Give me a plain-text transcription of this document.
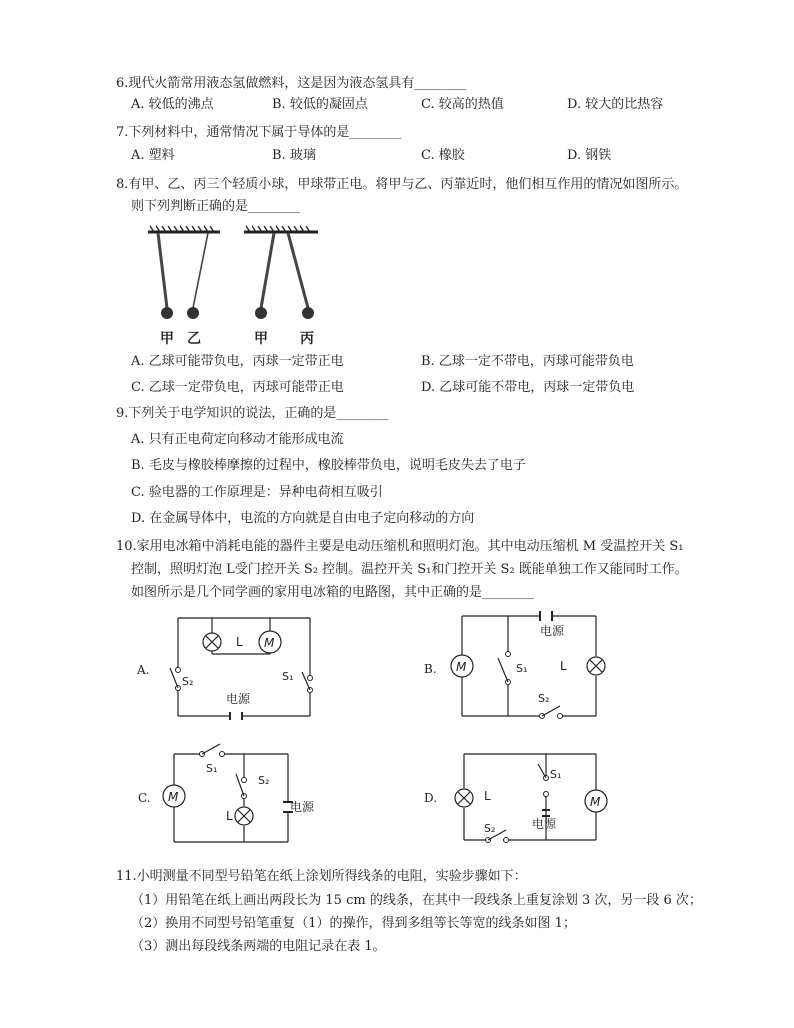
6.现代火箭常用液态氢做燃料，这是因为液态氢具有________
A. 较低的沸点	B. 较低的凝固点	C. 较高的热值	D. 较大的比热容
7.下列材料中，通常情况下属于导体的是________
A. 塑料	B. 玻璃	C. 橡胶	D. 钢铁
8.有甲、乙、丙三个轻质小球，甲球带正电。将甲与乙、丙靠近时，他们相互作用的情况如图所示。
则下列判断正确的是________
甲 乙	甲 丙
A. 乙球可能带负电，丙球一定带正电	B. 乙球一定不带电，丙球可能带负电
C. 乙球一定带负电，丙球可能带正电	D. 乙球可能不带电，丙球一定带负电
9.下列关于电学知识的说法，正确的是________
A. 只有正电荷定向移动才能形成电流
B. 毛皮与橡胶棒摩擦的过程中，橡胶棒带负电，说明毛皮失去了电子
C. 验电器的工作原理是：异种电荷相互吸引
D. 在金属导体中，电流的方向就是自由电子定向移动的方向
10.家用电冰箱中消耗电能的器件主要是电动压缩机和照明灯泡。其中电动压缩机 M 受温控开关 S₁
控制，照明灯泡 L受门控开关 S₂ 控制。温控开关 S₁和门控开关 S₂ 既能单独工作又能同时工作。
如图所示是几个同学画的家用电冰箱的电路图，其中正确的是________
L M
S₂	S₁
电源
A.
电源
M	S₁	L
S₂
B.
S₁
M
S₂
L
电源
C.	L
S₁
M
电源
S₂
D.
11.小明测量不同型号铅笔在纸上涂划所得线条的电阻，实验步骤如下：
（1）用铅笔在纸上画出两段长为 15 cm 的线条，在其中一段线条上重复涂划 3 次，另一段 6 次；
（2）换用不同型号铅笔重复（1）的操作，得到多组等长等宽的线条如图 1；
（3）测出每段线条两端的电阻记录在表 1。
